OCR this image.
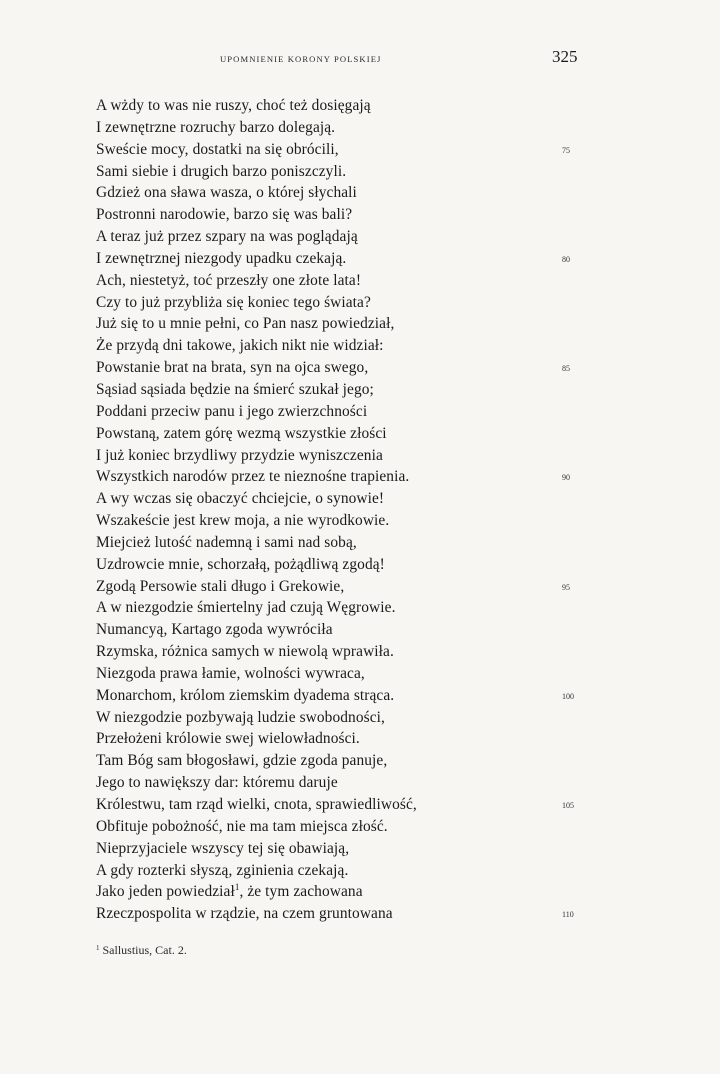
UPOMNIENIE KORONY POLSKIEJ	325
A wżdy to was nie ruszy, choć też dosięgają
I zewnętrzne rozruchy barzo dolegają.
Sweście mocy, dostatki na się obrócili,
Sami siebie i drugich barzo poniszczyli.
Gdzież ona sława wasza, o której słychali
Postronni narodowie, barzo się was bali?
A teraz już przez szpary na was poglądają
I zewnętrznej niezgody upadku czekają.
Ach, niestetyż, toć przeszły one złote lata!
Czy to już przybliża się koniec tego świata?
Już się to u mnie pełni, co Pan nasz powiedział,
Że przydą dni takowe, jakich nikt nie widział:
Powstanie brat na brata, syn na ojca swego,
Sąsiad sąsiada będzie na śmierć szukał jego;
Poddani przeciw panu i jego zwierzchności
Powstaną, zatem górę wezmą wszystkie złości
I już koniec brzydliwy przydzie wyniszczenia
Wszystkich narodów przez te nieznośne trapienia.
A wy wczas się obaczyć chciejcie, o synowie!
Wszakeście jest krew moja, a nie wyrodkowie.
Miejcież lutość nademną i sami nad sobą,
Uzdrowcie mnie, schorzałą, pożądliwą zgodą!
Zgodą Persowie stali długo i Grekowie,
A w niezgodzie śmiertelny jad czują Węgrowie.
Numancyą, Kartago zgoda wywróciła
Rzymska, różnica samych w niewolą wprawiła.
Niezgoda prawa łamie, wolności wywraca,
Monarchom, królom ziemskim dyadema strąca.
W niezgodzie pozbywają ludzie swobodności,
Przełożeni królowie swej wielowładności.
Tam Bóg sam błogosławi, gdzie zgoda panuje,
Jego to nawiększy dar: któremu daruje
Królestwu, tam rząd wielki, cnota, sprawiedliwość,
Obfituje pobożność, nie ma tam miejsca złość.
Nieprzyjaciele wszyscy tej się obawiają,
A gdy rozterki słyszą, zginienia czekają.
Jako jeden powiedział$^1$, że tym zachowana
Rzeczpospolita w rządzie, na czem gruntowana
75
80
85
90
95
100
105
110
$^1$ Sallustius, Cat. 2.
